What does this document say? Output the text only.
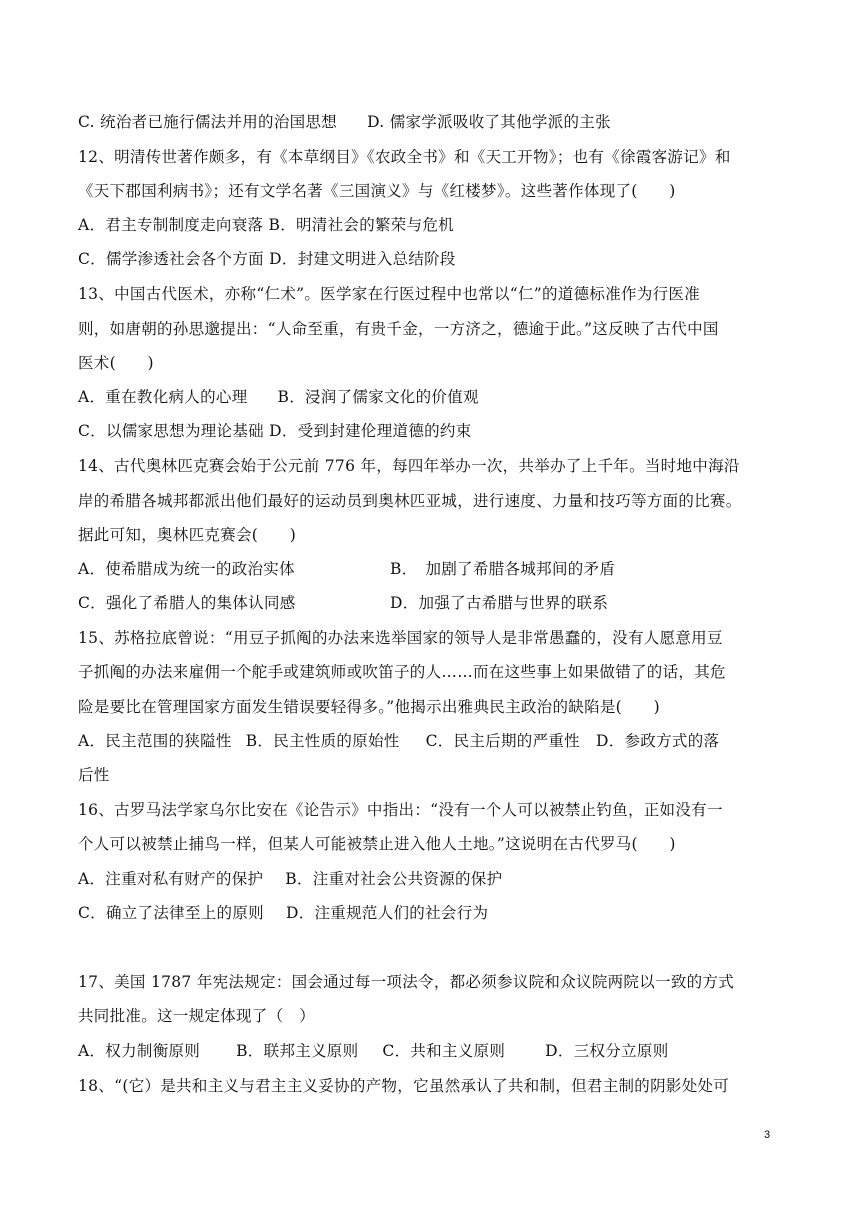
C. 统治者已施行儒法并用的治国思想 D. 儒家学派吸收了其他学派的主张
12、明清传世著作颇多，有《本草纲目》《农政全书》和《天工开物》；也有《徐霞客游记》和
《天下郡国利病书》；还有文学名著《三国演义》与《红楼梦》。这些著作体现了(　　)
A．君主专制制度走向衰落 B．明清社会的繁荣与危机
C．儒学渗透社会各个方面 D．封建文明进入总结阶段
13、中国古代医术，亦称“仁术”。医学家在行医过程中也常以“仁”的道德标准作为行医准
则，如唐朝的孙思邈提出：“人命至重，有贵千金，一方济之，德逾于此。”这反映了古代中国
医术(　　)
A．重在教化病人的心理 B．浸润了儒家文化的价值观
C．以儒家思想为理论基础 D．受到封建伦理道德的约束
14、古代奥林匹克赛会始于公元前 776 年，每四年举办一次，共举办了上千年。当时地中海沿
岸的希腊各城邦都派出他们最好的运动员到奥林匹亚城，进行速度、力量和技巧等方面的比赛。
据此可知，奥林匹克赛会(　　)
A．使希腊成为统一的政治实体	B．　加剧了希腊各城邦间的矛盾
C．强化了希腊人的集体认同感	D．加强了古希腊与世界的联系
15、苏格拉底曾说：“用豆子抓阄的办法来选举国家的领导人是非常愚蠢的，没有人愿意用豆
子抓阄的办法来雇佣一个舵手或建筑师或吹笛子的人……而在这些事上如果做错了的话，其危
险是要比在管理国家方面发生错误要轻得多。”他揭示出雅典民主政治的缺陷是(　　)
A．民主范围的狭隘性 B．民主性质的原始性 C．民主后期的严重性 D．参政方式的落
后性
16、古罗马法学家乌尔比安在《论告示》中指出：“没有一个人可以被禁止钓鱼，正如没有一
个人可以被禁止捕鸟一样，但某人可能被禁止进入他人土地。”这说明在古代罗马(　　)
A．注重对私有财产的保护 B．注重对社会公共资源的保护
C．确立了法律至上的原则 D．注重规范人们的社会行为
17、美国 1787 年宪法规定：国会通过每一项法令，都必须参议院和众议院两院以一致的方式
共同批准。这一规定体现了（　）
A．权力制衡原则 B．联邦主义原则 C．共和主义原则	D．三权分立原则
18、“(它）是共和主义与君主主义妥协的产物，它虽然承认了共和制，但君主制的阴影处处可
3
